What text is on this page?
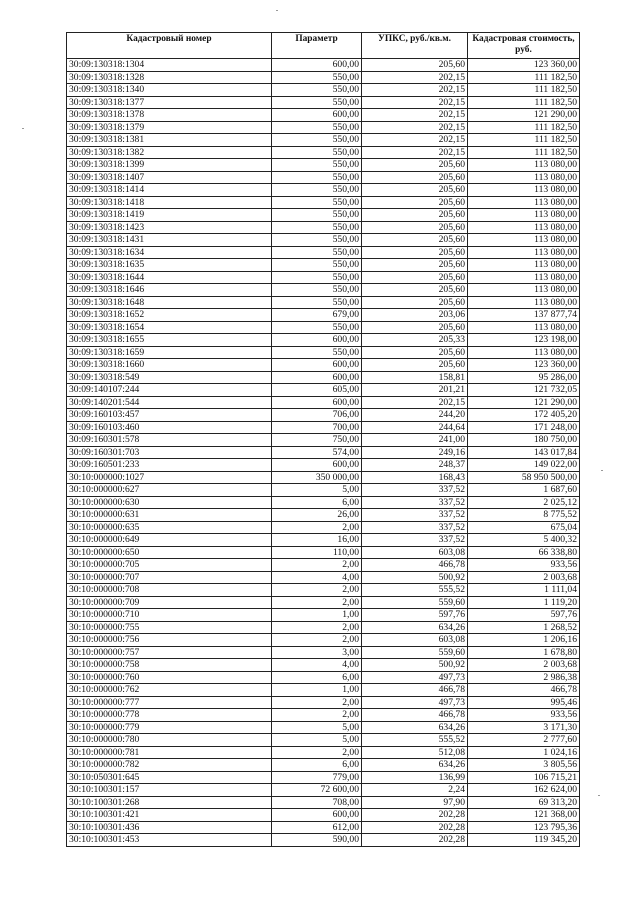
Кадастровый номер	Параметр	УПКС, руб./кв.м.	Кадастровая стоимость, руб.
30:09:130318:1304	600,00	205,60	123 360,00
30:09:130318:1328	550,00	202,15	111 182,50
30:09:130318:1340	550,00	202,15	111 182,50
30:09:130318:1377	550,00	202,15	111 182,50
30:09:130318:1378	600,00	202,15	121 290,00
30:09:130318:1379	550,00	202,15	111 182,50
30:09:130318:1381	550,00	202,15	111 182,50
30:09:130318:1382	550,00	202,15	111 182,50
30:09:130318:1399	550,00	205,60	113 080,00
30:09:130318:1407	550,00	205,60	113 080,00
30:09:130318:1414	550,00	205,60	113 080,00
30:09:130318:1418	550,00	205,60	113 080,00
30:09:130318:1419	550,00	205,60	113 080,00
30:09:130318:1423	550,00	205,60	113 080,00
30:09:130318:1431	550,00	205,60	113 080,00
30:09:130318:1634	550,00	205,60	113 080,00
30:09:130318:1635	550,00	205,60	113 080,00
30:09:130318:1644	550,00	205,60	113 080,00
30:09:130318:1646	550,00	205,60	113 080,00
30:09:130318:1648	550,00	205,60	113 080,00
30:09:130318:1652	679,00	203,06	137 877,74
30:09:130318:1654	550,00	205,60	113 080,00
30:09:130318:1655	600,00	205,33	123 198,00
30:09:130318:1659	550,00	205,60	113 080,00
30:09:130318:1660	600,00	205,60	123 360,00
30:09:130318:549	600,00	158,81	95 286,00
30:09:140107:244	605,00	201,21	121 732,05
30:09:140201:544	600,00	202,15	121 290,00
30:09:160103:457	706,00	244,20	172 405,20
30:09:160103:460	700,00	244,64	171 248,00
30:09:160301:578	750,00	241,00	180 750,00
30:09:160301:703	574,00	249,16	143 017,84
30:09:160501:233	600,00	248,37	149 022,00
30:10:000000:1027	350 000,00	168,43	58 950 500,00
30:10:000000:627	5,00	337,52	1 687,60
30:10:000000:630	6,00	337,52	2 025,12
30:10:000000:631	26,00	337,52	8 775,52
30:10:000000:635	2,00	337,52	675,04
30:10:000000:649	16,00	337,52	5 400,32
30:10:000000:650	110,00	603,08	66 338,80
30:10:000000:705	2,00	466,78	933,56
30:10:000000:707	4,00	500,92	2 003,68
30:10:000000:708	2,00	555,52	1 111,04
30:10:000000:709	2,00	559,60	1 119,20
30:10:000000:710	1,00	597,76	597,76
30:10:000000:755	2,00	634,26	1 268,52
30:10:000000:756	2,00	603,08	1 206,16
30:10:000000:757	3,00	559,60	1 678,80
30:10:000000:758	4,00	500,92	2 003,68
30:10:000000:760	6,00	497,73	2 986,38
30:10:000000:762	1,00	466,78	466,78
30:10:000000:777	2,00	497,73	995,46
30:10:000000:778	2,00	466,78	933,56
30:10:000000:779	5,00	634,26	3 171,30
30:10:000000:780	5,00	555,52	2 777,60
30:10:000000:781	2,00	512,08	1 024,16
30:10:000000:782	6,00	634,26	3 805,56
30:10:050301:645	779,00	136,99	106 715,21
30:10:100301:157	72 600,00	2,24	162 624,00
30:10:100301:268	708,00	97,90	69 313,20
30:10:100301:421	600,00	202,28	121 368,00
30:10:100301:436	612,00	202,28	123 795,36
30:10:100301:453	590,00	202,28	119 345,20
